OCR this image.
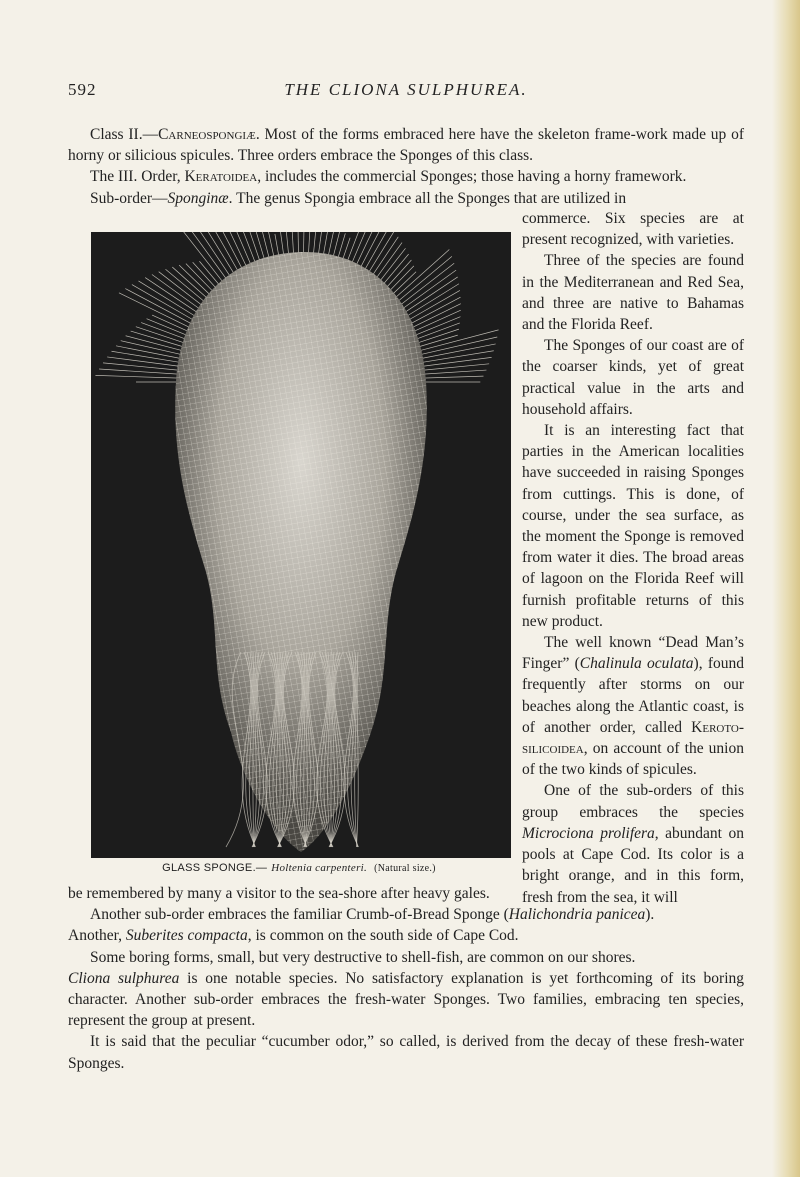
592	THE CLIONA SULPHUREA.

Class II.—Carneospongiæ. Most of the forms embraced here have the skeleton frame-work made up of horny or silicious spicules. Three orders embrace the Sponges of this class.

The III. Order, Keratoidea, includes the commercial Sponges; those having a horny framework.

Sub-order—Sponginæ. The genus Spongia embrace all the Sponges that are utilized in

GLASS SPONGE.— Holtenia carpenteri. (Natural size.)

commerce. Six species are at present recognized, with varieties.

Three of the species are found in the Mediterranean and Red Sea, and three are native to Bahamas and the Florida Reef.

The Sponges of our coast are of the coarser kinds, yet of great practical value in the arts and household affairs.

It is an interesting fact that parties in the American localities have succeeded in raising Sponges from cuttings. This is done, of course, under the sea surface, as the moment the Sponge is removed from water it dies. The broad areas of lagoon on the Florida Reef will furnish profitable returns of this new product.

The well known “Dead Man’s Finger” (Chalinula oculata), found frequently after storms on our beaches along the Atlantic coast, is of another order, called Keroto-silicoidea, on account of the union of the two kinds of spicules.

One of the sub-orders of this group embraces the species Microciona prolifera, abundant on pools at Cape Cod. Its color is a bright orange, and in this form, fresh from the sea, it will

be remembered by many a visitor to the sea-shore after heavy gales.

Another sub-order embraces the familiar Crumb-of-Bread Sponge (Halichondria panicea).

Another, Suberites compacta, is common on the south side of Cape Cod.

Some boring forms, small, but very destructive to shell-fish, are common on our shores.

Cliona sulphurea is one notable species. No satisfactory explanation is yet forthcoming of its boring character. Another sub-order embraces the fresh-water Sponges. Two families, embracing ten species, represent the group at present.

It is said that the peculiar “cucumber odor,” so called, is derived from the decay of these fresh-water Sponges.
